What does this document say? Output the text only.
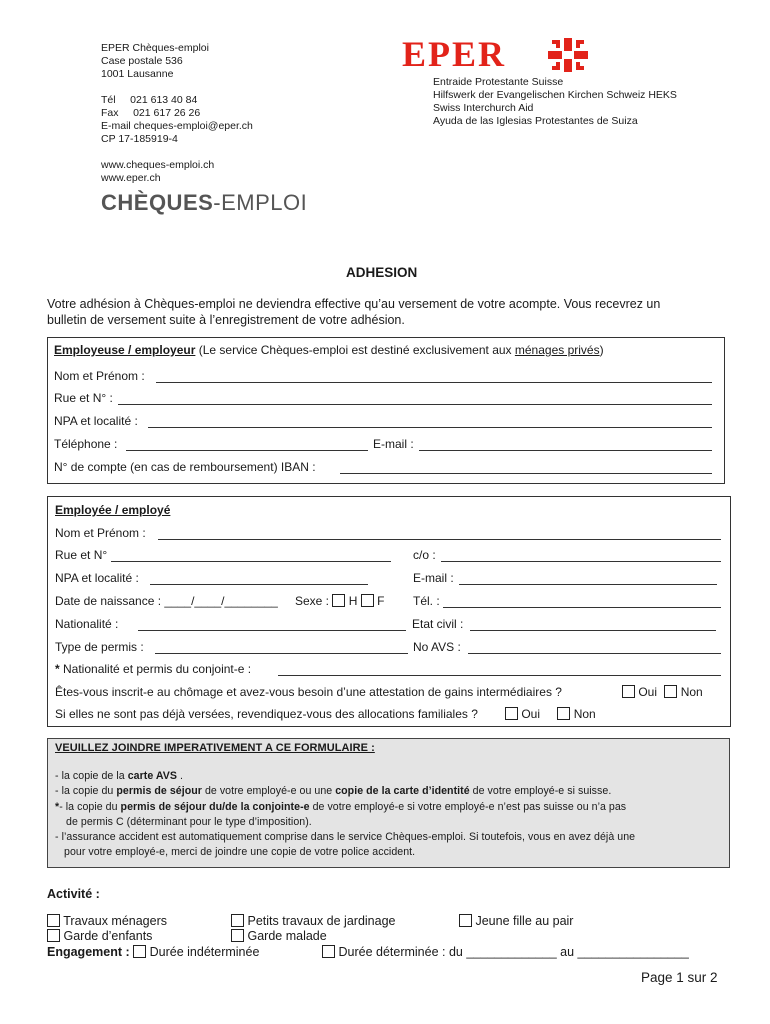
EPER Chèques-emploi
Case postale 536
1001 Lausanne
Tél     021 613 40 84
Fax     021 617 26 26
E-mail cheques-emploi@eper.ch
CP 17-185919-4
www.cheques-emploi.ch
www.eper.ch
EPER
Entraide Protestante Suisse
Hilfswerk der Evangelischen Kirchen Schweiz HEKS
Swiss Interchurch Aid
Ayuda de las Iglesias Protestantes de Suiza
CHÈQUES-EMPLOI
ADHESION
Votre adhésion à Chèques-emploi ne deviendra effective qu’au versement de votre acompte. Vous recevrez un
bulletin de versement suite à l’enregistrement de votre adhésion.
Employeuse / employeur (Le service Chèques-emploi est destiné exclusivement aux ménages privés)
Nom et Prénom :
Rue et N° :
NPA et localité :
Téléphone :	E-mail :
N° de compte (en cas de remboursement) IBAN :
Employée / employé
Nom et Prénom :
Rue et N°	c/o :
NPA et localité :	E-mail :
Date de naissance : ____/____/________ Sexe : H F Tél. :
Nationalité :	Etat civil :
Type de permis :	No AVS :
* Nationalité et permis du conjoint-e :
Êtes-vous inscrit-e au chômage et avez-vous besoin d’une attestation de gains intermédiaires ?	Oui Non
Si elles ne sont pas déjà versées, revendiquez-vous des allocations familiales ?	Oui	Non
VEUILLEZ JOINDRE IMPERATIVEMENT A CE FORMULAIRE :
- la copie de la carte AVS .
- la copie du permis de séjour de votre employé-e ou une copie de la carte d’identité de votre employé-e si suisse.
*- la copie du permis de séjour du/de la conjointe-e de votre employé-e si votre employé-e n’est pas suisse ou n’a pas
de permis C (déterminant pour le type d’imposition).
- l’assurance accident est automatiquement comprise dans le service Chèques-emploi. Si toutefois, vous en avez déjà une
pour votre employé-e, merci de joindre une copie de votre police accident.
Activité :
Travaux ménagers	Petits travaux de jardinage	Jeune fille au pair
Garde d’enfants	Garde malade
Engagement : Durée indéterminée	Durée déterminée : du _____________ au ________________
Page 1 sur 2
